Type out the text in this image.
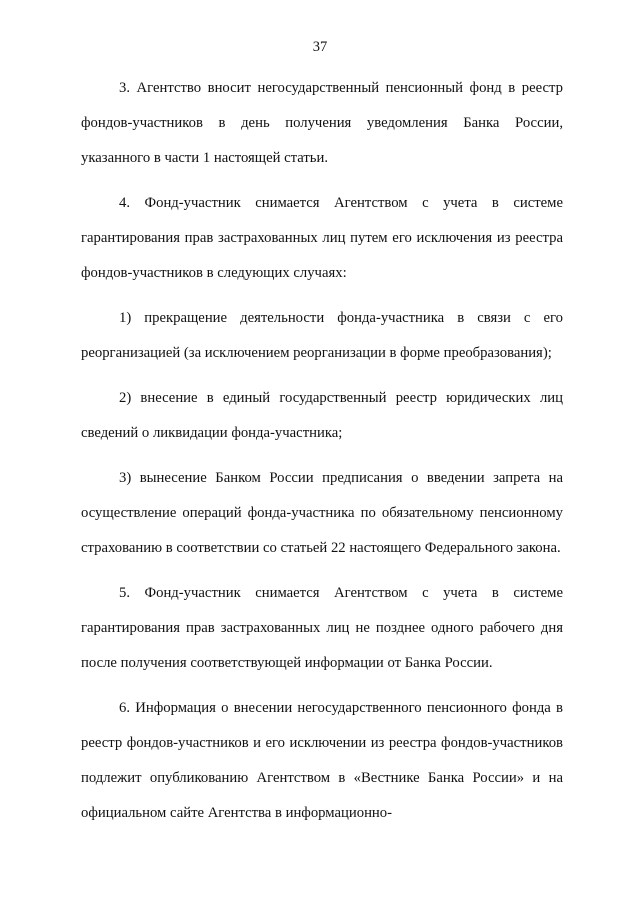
37

3. Агентство вносит негосударственный пенсионный фонд в реестр фондов-участников в день получения уведомления Банка России, указанного в части 1 настоящей статьи.

4. Фонд-участник снимается Агентством с учета в системе гарантирования прав застрахованных лиц путем его исключения из реестра фондов-участников в следующих случаях:

1) прекращение деятельности фонда-участника в связи с его реорганизацией (за исключением реорганизации в форме преобразования);

2) внесение в единый государственный реестр юридических лиц сведений о ликвидации фонда-участника;

3) вынесение Банком России предписания о введении запрета на осуществление операций фонда-участника по обязательному пенсионному страхованию в соответствии со статьей 22 настоящего Федерального закона.

5. Фонд-участник снимается Агентством с учета в системе гарантирования прав застрахованных лиц не позднее одного рабочего дня после получения соответствующей информации от Банка России.

6. Информация о внесении негосударственного пенсионного фонда в реестр фондов-участников и его исключении из реестра фондов-участников подлежит опубликованию Агентством в «Вестнике Банка России» и на официальном сайте Агентства в информационно-
